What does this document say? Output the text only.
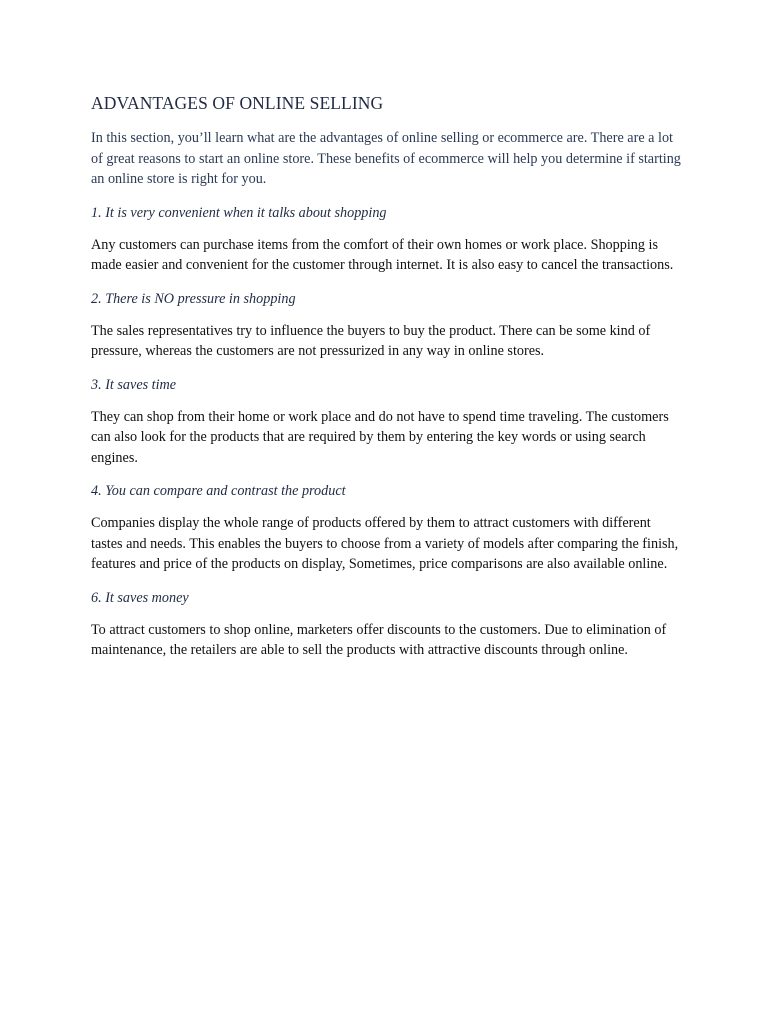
ADVANTAGES OF ONLINE SELLING

In this section, you’ll learn what are the advantages of online selling or ecommerce are. There are a lot of great reasons to start an online store. These benefits of ecommerce will help you determine if starting an online store is right for you.

1. It is very convenient when it talks about shopping

Any customers can purchase items from the comfort of their own homes or work place. Shopping is made easier and convenient for the customer through internet. It is also easy to cancel the transactions.

2. There is NO pressure in shopping

The sales representatives try to influence the buyers to buy the product. There can be some kind of pressure, whereas the customers are not pressurized in any way in online stores.

3. It saves time

They can shop from their home or work place and do not have to spend time traveling. The customers can also look for the products that are required by them by entering the key words or using search engines.

4. You can compare and contrast the product

Companies display the whole range of products offered by them to attract customers with different tastes and needs. This enables the buyers to choose from a variety of models after comparing the finish, features and price of the products on display, Sometimes, price comparisons are also available online.

6. It saves money

To attract customers to shop online, marketers offer discounts to the customers. Due to elimination of maintenance, the retailers are able to sell the products with attractive discounts through online.
